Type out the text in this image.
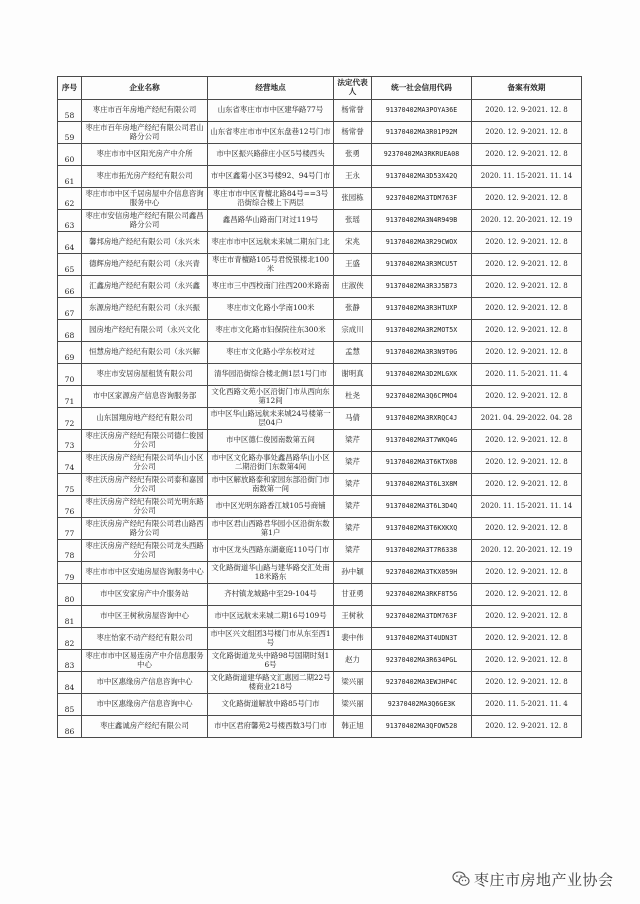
序号	企业名称	经营地点	法定代表人	统一社会信用代码	备案有效期
58	枣庄市百年房地产经纪有限公司	山东省枣庄市市中区建华路77号	杨常誉	91370402MA3POYA36E	2020. 12. 9-2021. 12. 8
59	枣庄市百年房地产经纪有限公司君山路分公司	山东省枣庄市市中区东盘巷12号门市	杨常誉	91370402MA3R01P92M	2020. 12. 9-2021. 12. 8
60	枣庄市市中区阳光房产中介所	市中区振兴路薛庄小区5号楼西头	张勇	92370402MA3RKRUEA08	2020. 12. 9-2021. 12. 8
61	枣庄市拓光房产经纪有限公司	市中区鑫菊小区3号楼92、94号门市	王永	91370402MA3D53X42Q	2020. 11. 15-2021. 11. 14
62	枣庄市市中区千居房屋中介信息咨询服务中心	枣庄市市中区青檀北路84号==3号沿街综合楼上下两层	张园栋	92370402MA3TDM763F	2020. 12. 9-2021. 12. 8
63	枣庄市安信房地产经纪有限公司鑫昌路分公司	鑫昌路华山路南门对过119号	张瑶	91370402MA3N4R949B	2020. 12. 20-2021. 12. 19
64	馨邦房地产经纪有限公司（永兴未	枣庄市市中区远航未来城二期东门北	宋兆	91370402MA3R29CWOX	2020. 12. 9-2021. 12. 8
65	德辉房地产经纪有限公司（永兴青	枣庄市青檀路105号君悦银楼北100米	王盛	91370402MA3R3MCU5T	2020. 12. 9-2021. 12. 8
66	汇鑫房地产经纪有限公司（永兴鑫	枣庄市三中西校南门往西200米路南	庄淑侠	91370402MA3R3J5B73	2020. 12. 9-2021. 12. 8
67	东源房地产经纪有限公司（永兴振	枣庄市文化路小学南100米	张静	91370402MA3R3HTUXP	2020. 12. 9-2021. 12. 8
68	园房地产经纪有限公司（永兴文化	枣庄市文化路市妇保院往东300米	宗成川	91370402MA3R2MOT5X	2020. 12. 9-2021. 12. 8
69	恒慧房地产经纪有限公司（永兴解	枣庄市文化路小学东校对过	孟慧	91370402MA3R3N9T0G	2020. 12. 9-2021. 12. 8
70	枣庄市安居房屋租赁有限公司	清华园沿街综合楼北侧1层1号门市	谢明真	91370402MA3D2MLGXK	2020. 11. 5-2021. 11. 4
71	市中区家源房产信息咨询服务部	文化西路文苑小区沿街门市从西向东第12间	杜尧	92370402MA3Q6CPMO4	2020. 12. 9-2021. 12. 8
72	山东国翔房地产经纪有限公司	市中区华山路远航未来城24号楼第一层04户	马倩	91370402MA3RXRQC4J	2021. 04. 29-2022. 04. 28
73	枣庄沃房房产经纪有限公司德仁俊园分公司	市中区德仁俊园南数第五间	梁芹	91370402MA3T7WKQ4G	2020. 12. 9-2021. 12. 8
74	枣庄沃房房产经纪有限公司华山小区分公司	市中区文化路办事处鑫昌路华山小区二期沿街门东数第4间	梁芹	91370402MA3T6KTX08	2020. 12. 9-2021. 12. 8
75	枣庄沃房房产经纪有限公司泰和嘉园分公司	市中区解放路泰和家园东部沿街门市南数第一间	梁芹	91370402MA3T6L3X8M	2020. 12. 9-2021. 12. 8
76	枣庄沃房房产经纪有限公司光明东路分公司	市中区光明东路香江城105号商铺	梁芹	91370402MA3T6L3D4Q	2020. 11. 15-2021. 11. 14
77	枣庄沃房房产经纪有限公司君山路西路分公司	市中区君山西路君华园小区沿街东数第1户	梁芹	91370402MA3T6KXKXQ	2020. 12. 9-2021. 12. 8
78	枣庄沃房房产经纪有限公司龙头西路分公司	市中区龙头西路东湖豪庭110号门市	梁芹	91370402MA3T7R6338	2020. 12. 20-2021. 12. 19
79	枣庄市市中区安迪房屋咨询服务中心	文化路街道华山路与建华路交汇处南18米路东	孙中颖	92370402MA3TKX059H	2020. 12. 9-2021. 12. 8
80	市中区安家房产中介服务站	齐村镇龙城路中至29-104号	甘亚勇	92370402MA3RKF8T5G	2020. 12. 9-2021. 12. 8
81	市中区王树秋房屋咨询中心	市中区远航未来城二期16号109号	王树秋	92370402MA3TDM763F	2020. 12. 9-2021. 12. 8
82	枣庄怡家不动产经纪有限公司	市中区兴文组团3号楼门市从东至西1号	裴中伟	91370402MA3T4UDN3T	2020. 12. 9-2021. 12. 8
83	枣庄市市中区易连房产中介信息服务中心	文化路街道龙头中路98号国期时刻16号	赵力	92370402MA3R634PGL	2020. 12. 9-2021. 12. 8
84	市中区惠缘房产信息咨询中心	文化路街道建华路文汇惠园二期22号楼商业218号	梁兴丽	92370402MA3EWJHP4C	2020. 12. 9-2021. 12. 8
85	市中区惠缘房产信息咨询中心	文化路街道解放中路85号门市	梁兴丽	92370402MA3Q6GE3K	2020. 11. 5-2021. 11. 4
86	枣庄鑫诚房产经纪有限公司	市中区君府馨苑2号楼西数3号门市	韩正旭	91370402MA3QFOW528	2020. 12. 9-2021. 12. 8
枣庄市房地产业协会
